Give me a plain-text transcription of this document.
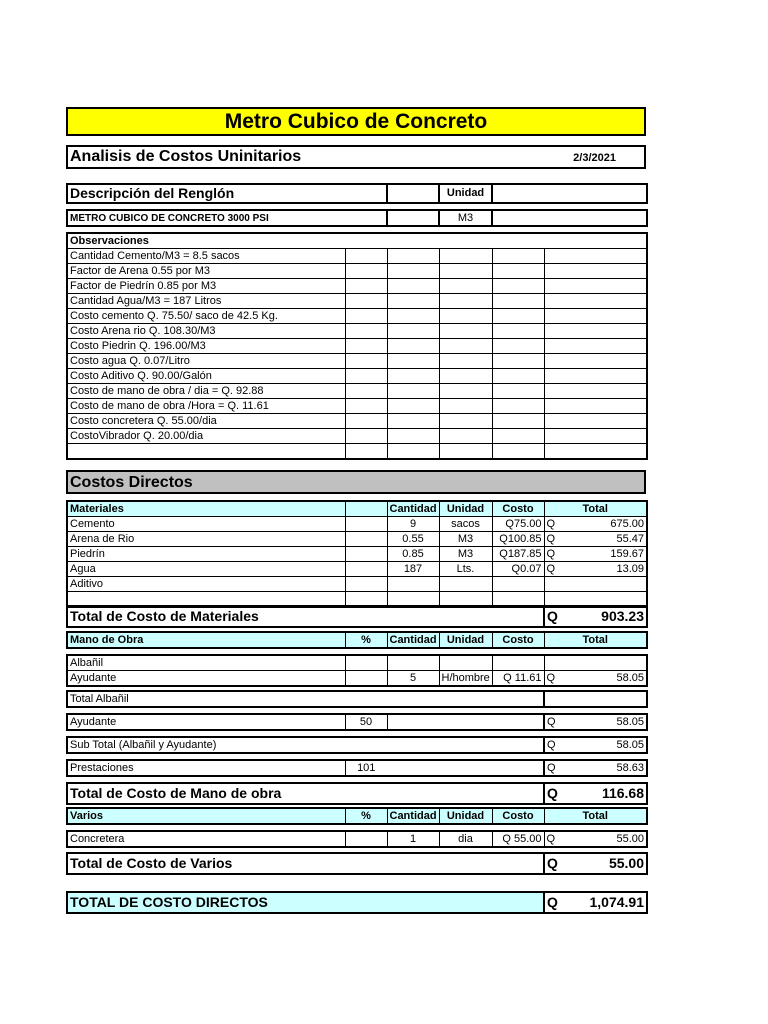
Metro Cubico de Concreto
Analisis de Costos Uninitarios	2/3/2021
Descripción del Renglón		Unidad	
METRO CUBICO DE CONCRETO 3000 PSI		M3	
Observaciones					
Cantidad Cemento/M3 = 8.5 sacos					
Factor de Arena 0.55 por M3					
Factor de Piedrín 0.85 por M3					
Cantidad Agua/M3 = 187 Litros					
Costo cemento Q. 75.50/ saco de 42.5 Kg.					
Costo Arena rio Q. 108.30/M3					
Costo Piedrin Q. 196.00/M3					
Costo agua Q. 0.07/Litro					
Costo Aditivo Q. 90.00/Galón					
Costo de mano de obra / dia = Q. 92.88					
Costo de mano de obra /Hora = Q. 11.61					
Costo concretera Q. 55.00/dia					
CostoVibrador Q. 20.00/dia					

Costos Directos
Materiales		Cantidad	Unidad	Costo	Total
Cemento		9	sacos	Q75.00	Q 675.00

Arena de Rio		0.55	M3	Q100.85	Q 55.47

Piedrín		0.85	M3	Q187.85	Q 159.67

Agua		187	Lts.	Q0.07	Q 13.09

Aditivo					

Total de Costo de Materiales	Q	903.23
Mano de Obra	%	Cantidad	Unidad	Costo	Total
Albañil					
Ayudante		5	H/hombre	Q 11.61	Q 58.05
Total Albañil	
Ayudante	50		Q	58.05
Sub Total (Albañil y Ayudante)	Q	58.05
Prestaciones	101		Q	58.63
Total de Costo de Mano de obra	Q	116.68
Varios	%	Cantidad	Unidad	Costo	Total
Concretera		1	dia	Q 55.00	Q	55.00
Total de Costo de Varios	Q	55.00
TOTAL DE COSTO DIRECTOS	Q 1,074.91
